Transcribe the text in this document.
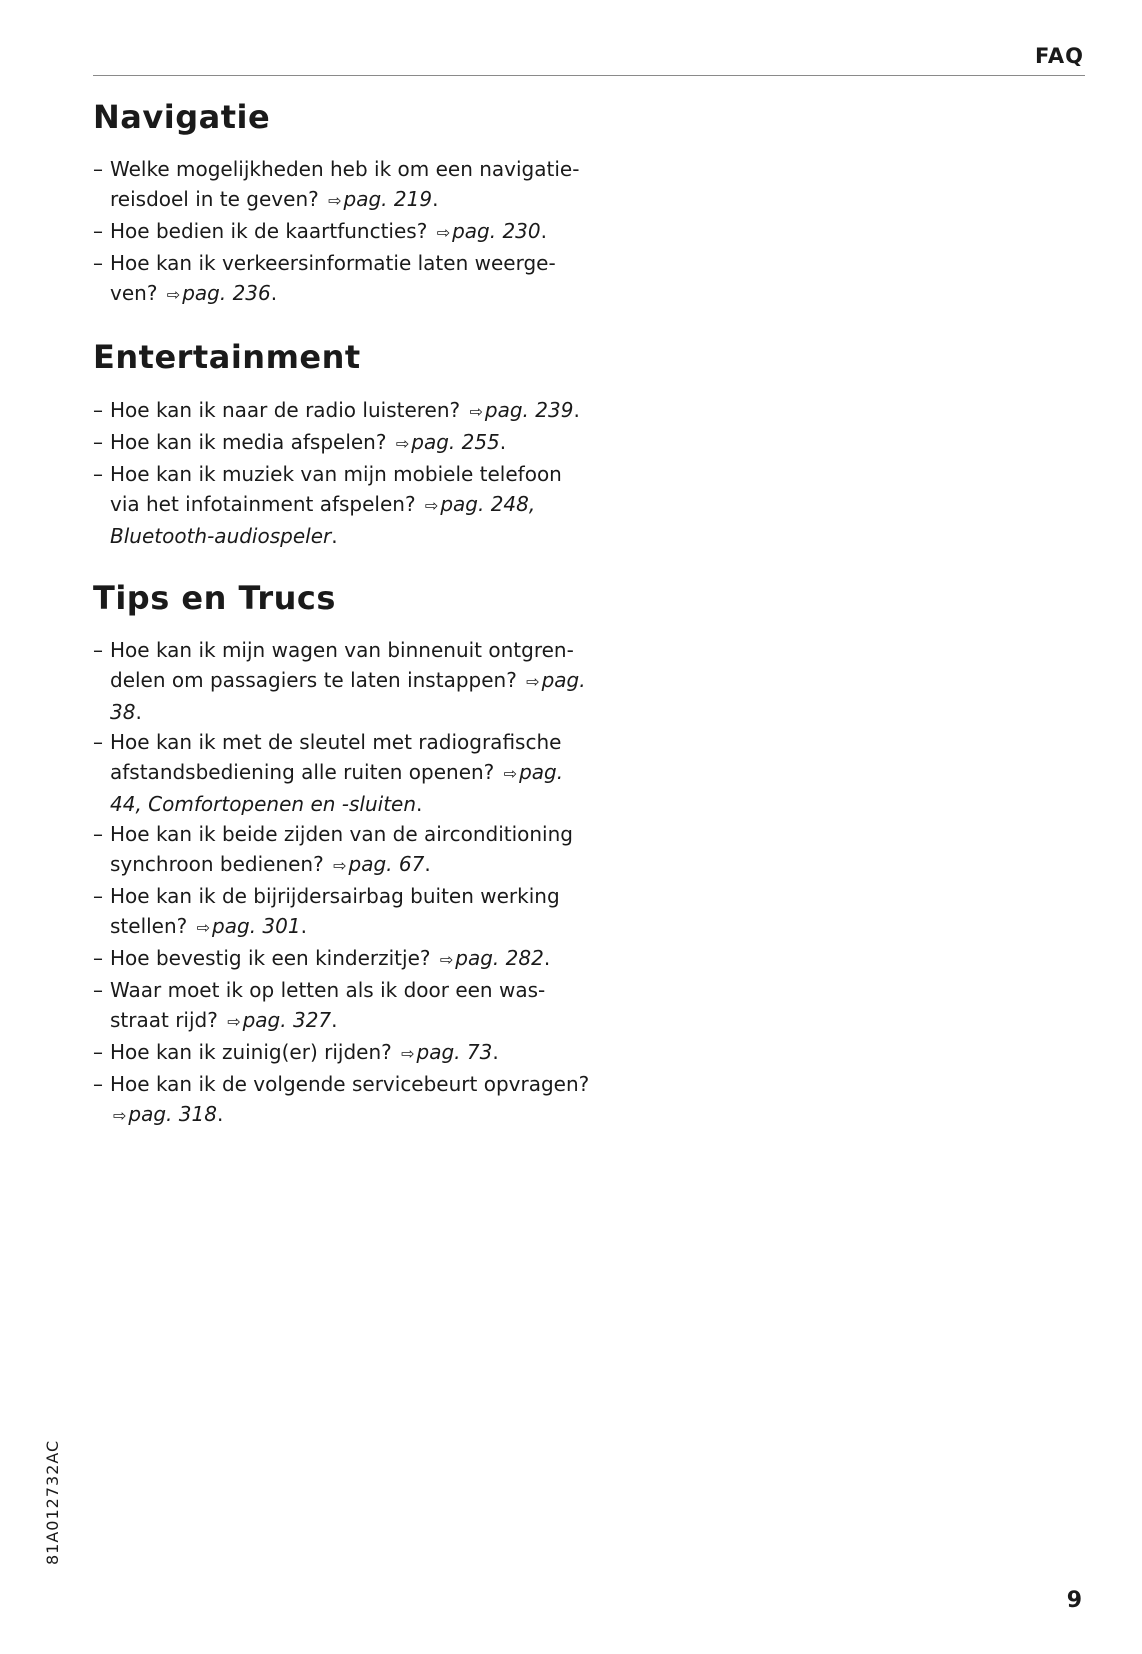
FAQ
Navigatie
– Welke mogelijkheden heb ik om een navigatie-
reisdoel in te geven? ⇨ pag. 219.
– Hoe bedien ik de kaartfuncties? ⇨ pag. 230.
– Hoe kan ik verkeersinformatie laten weerge-
ven? ⇨ pag. 236.
Entertainment
– Hoe kan ik naar de radio luisteren? ⇨ pag. 239.
– Hoe kan ik media afspelen? ⇨ pag. 255.
– Hoe kan ik muziek van mijn mobiele telefoon
via het infotainment afspelen? ⇨ pag. 248,
Bluetooth-audiospeler.
Tips en Trucs
– Hoe kan ik mijn wagen van binnenuit ontgren-
delen om passagiers te laten instappen? ⇨ pag.
38.
– Hoe kan ik met de sleutel met radiografische
afstandsbediening alle ruiten openen? ⇨ pag.
44, Comfortopenen en -sluiten.
– Hoe kan ik beide zijden van de airconditioning
synchroon bedienen? ⇨ pag. 67.
– Hoe kan ik de bijrijdersairbag buiten werking
stellen? ⇨ pag. 301.
– Hoe bevestig ik een kinderzitje? ⇨ pag. 282.
– Waar moet ik op letten als ik door een was-
straat rijd? ⇨ pag. 327.
– Hoe kan ik zuinig(er) rijden? ⇨ pag. 73.
– Hoe kan ik de volgende servicebeurt opvragen?
⇨ pag. 318.
81A012732AC
9
